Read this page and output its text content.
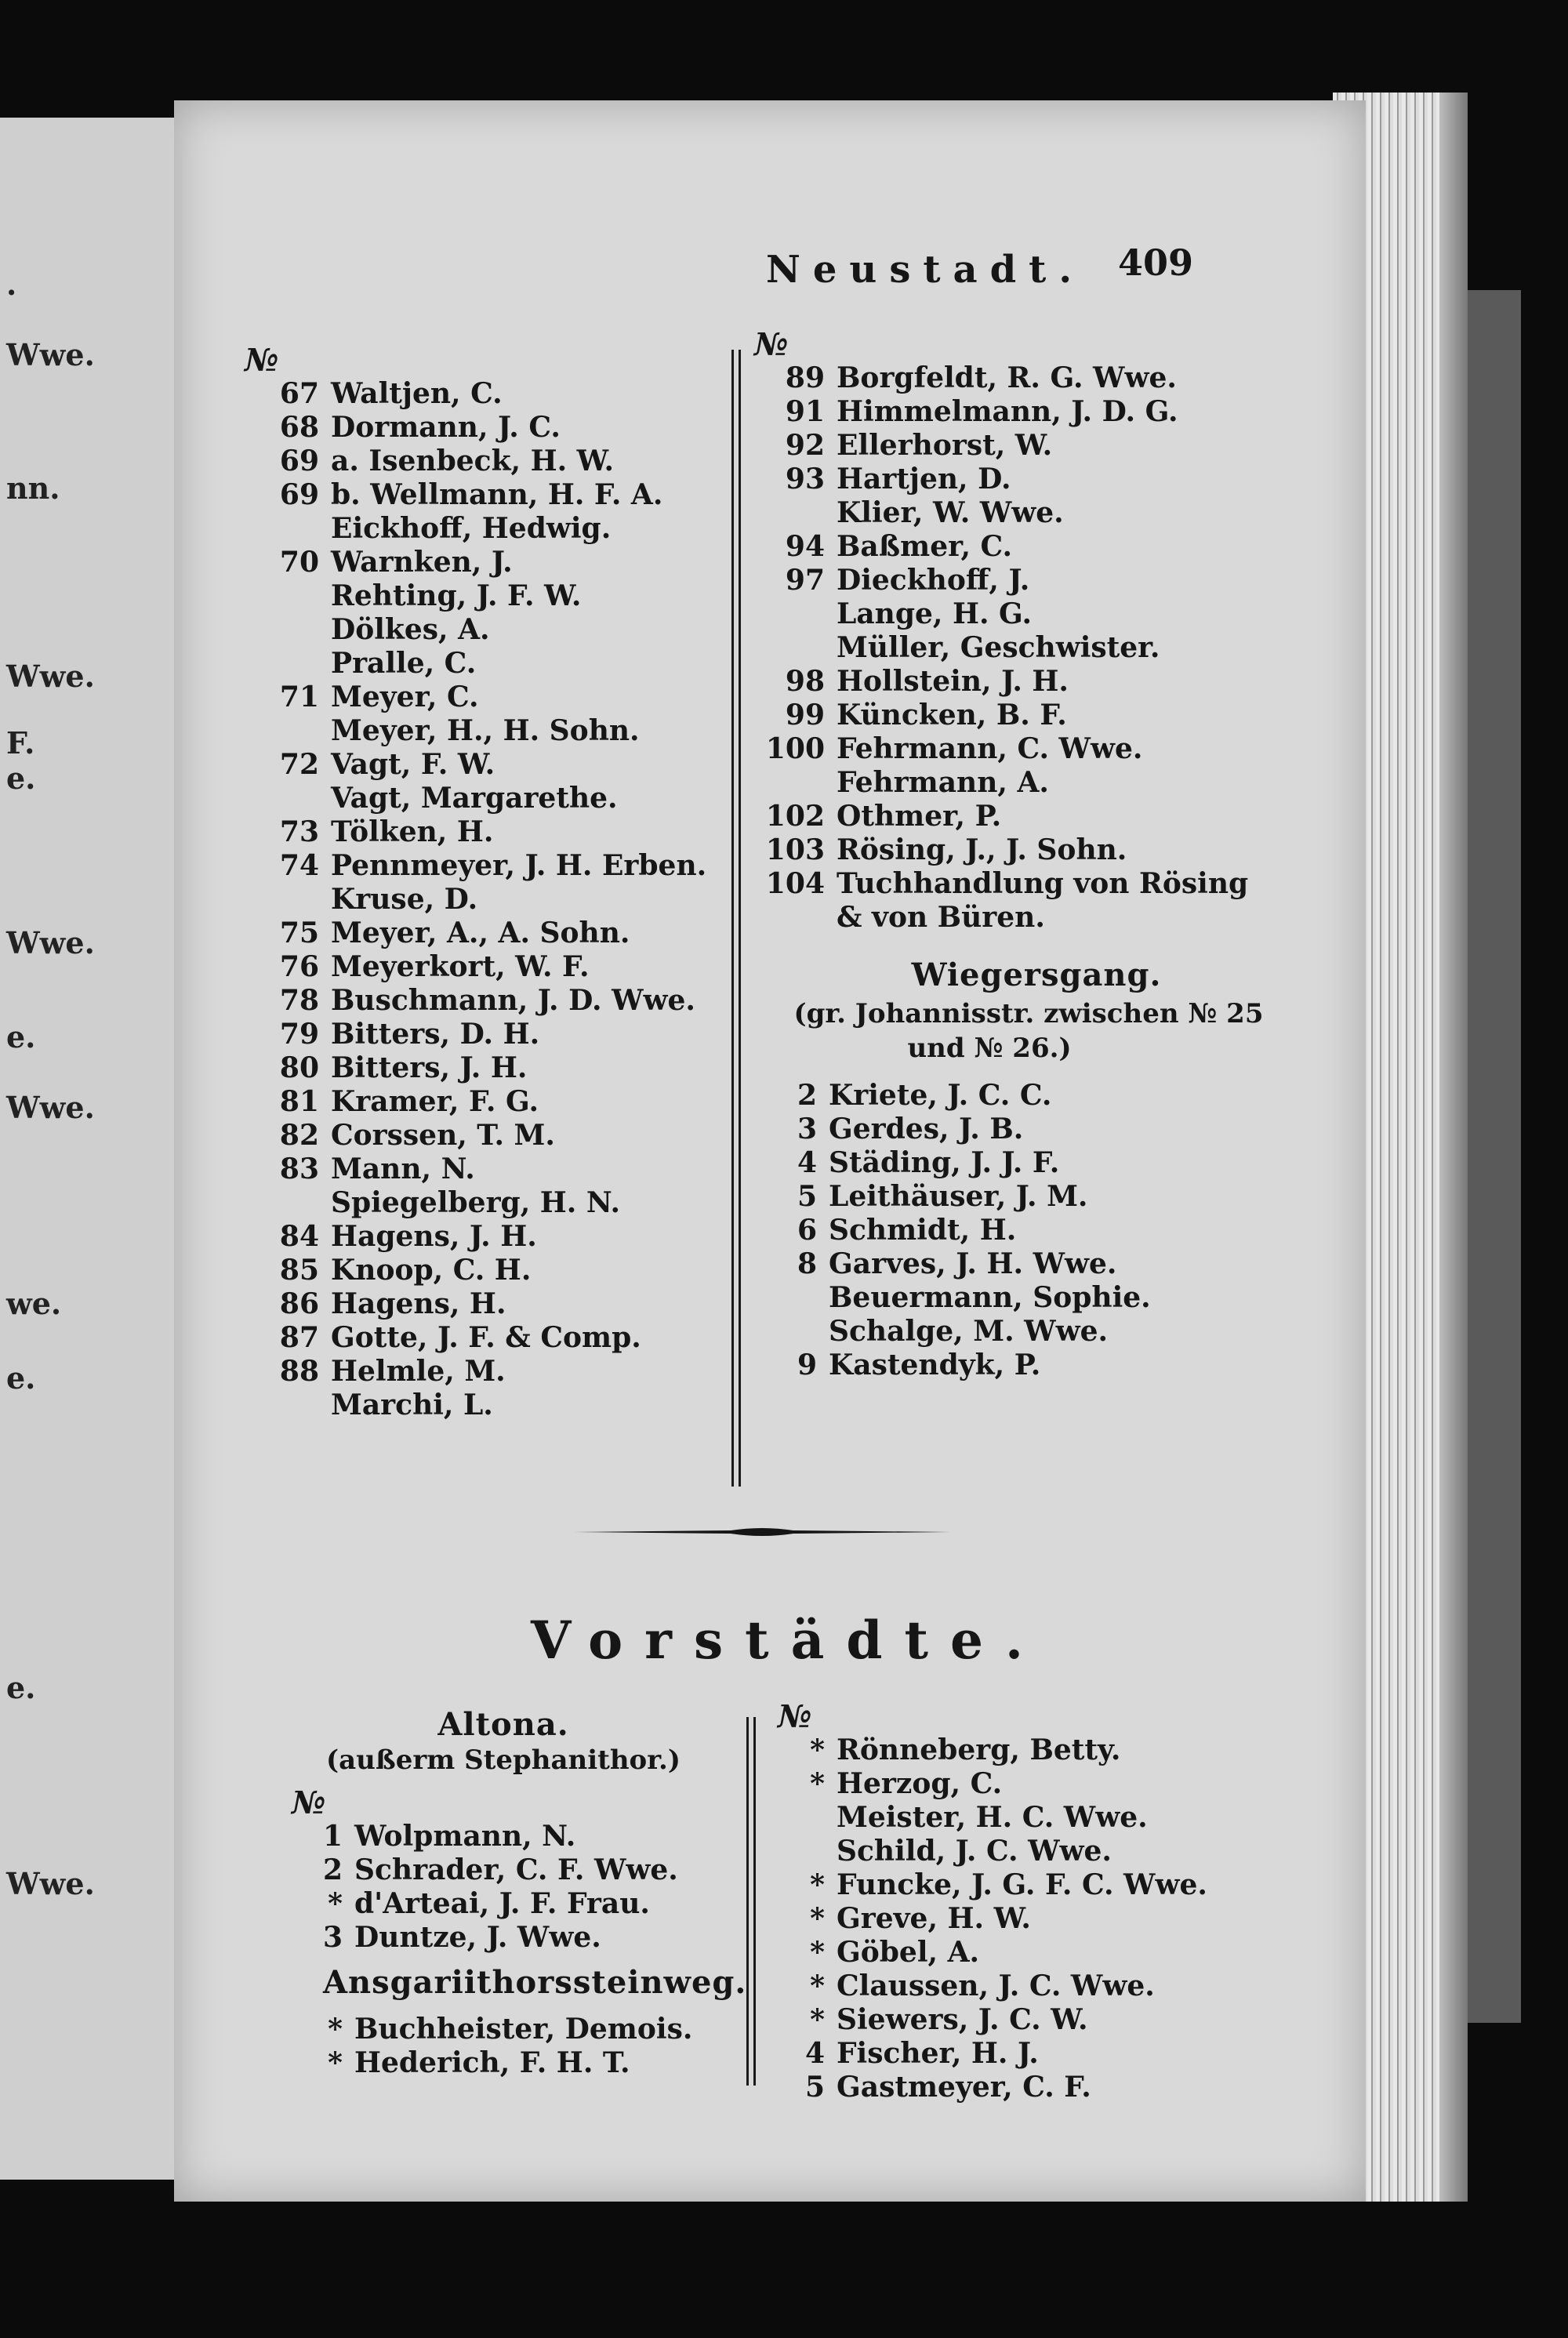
.
Wwe.
nn.
Wwe.
F.
e.
Wwe.
e.
Wwe.
we.
e.
e.
Wwe.
Neustadt. 409
№
67 Waltjen, C.
68 Dormann, J. C.
69 a. Isenbeck, H. W.
69 b. Wellmann, H. F. A.
Eickhoff, Hedwig.
70 Warnken, J.
Rehting, J. F. W.
Dölkes, A.
Pralle, C.
71 Meyer, C.
Meyer, H., H. Sohn.
72 Vagt, F. W.
Vagt, Margarethe.
73 Tölken, H.
74 Pennmeyer, J. H. Erben.
Kruse, D.
75 Meyer, A., A. Sohn.
76 Meyerkort, W. F.
78 Buschmann, J. D. Wwe.
79 Bitters, D. H.
80 Bitters, J. H.
81 Kramer, F. G.
82 Corssen, T. M.
83 Mann, N.
Spiegelberg, H. N.
84 Hagens, J. H.
85 Knoop, C. H.
86 Hagens, H.
87 Gotte, J. F. & Comp.
88 Helmle, M.
Marchi, L.
№
89 Borgfeldt, R. G. Wwe.
91 Himmelmann, J. D. G.
92 Ellerhorst, W.
93 Hartjen, D.
Klier, W. Wwe.
94 Baßmer, C.
97 Dieckhoff, J.
Lange, H. G.
Müller, Geschwister.
98 Hollstein, J. H.
99 Küncken, B. F.
100 Fehrmann, C. Wwe.
Fehrmann, A.
102 Othmer, P.
103 Rösing, J., J. Sohn.
104 Tuchhandlung von Rösing
& von Büren.
Wiegersgang.
(gr. Johannisstr. zwischen № 25
und № 26.)
2 Kriete, J. C. C.
3 Gerdes, J. B.
4 Städing, J. J. F.
5 Leithäuser, J. M.
6 Schmidt, H.
8 Garves, J. H. Wwe.
Beuermann, Sophie.
Schalge, M. Wwe.
9 Kastendyk, P.
Vorstädte.
Altona.
(außerm Stephanithor.)
№
1 Wolpmann, N.
2 Schrader, C. F. Wwe.
* d'Arteai, J. F. Frau.
3 Duntze, J. Wwe.
Ansgariithorssteinweg.
* Buchheister, Demois.
* Hederich, F. H. T.
№
* Rönneberg, Betty.
* Herzog, C.
Meister, H. C. Wwe.
Schild, J. C. Wwe.
* Funcke, J. G. F. C. Wwe.
* Greve, H. W.
* Göbel, A.
* Claussen, J. C. Wwe.
* Siewers, J. C. W.
4 Fischer, H. J.
5 Gastmeyer, C. F.
